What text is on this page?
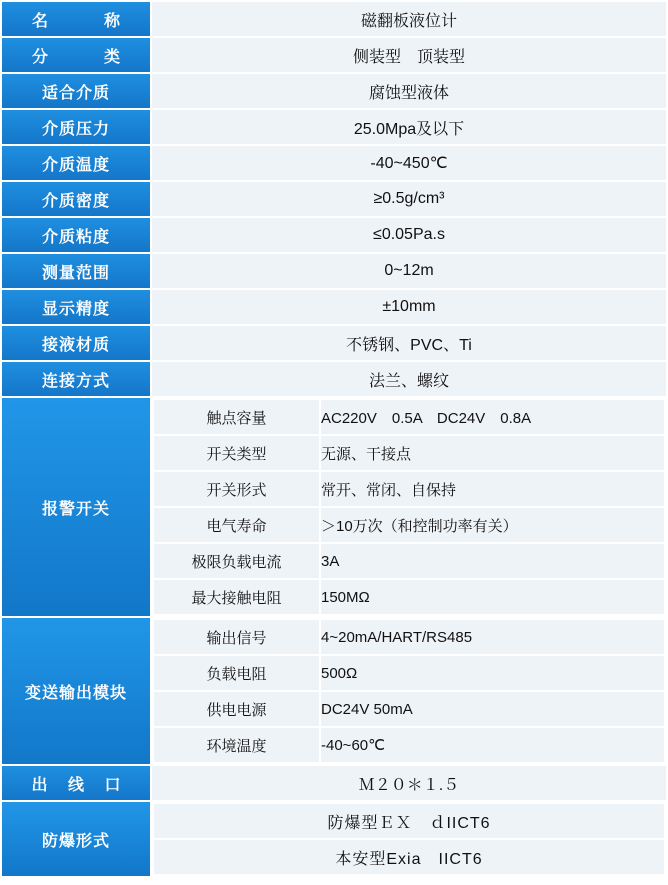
名　　称	磁翻板液位计
分　　类	侧装型　顶装型
适合介质	腐蚀型液体
介质压力	25.0Mpa及以下
介质温度	-40~450℃
介质密度	≥0.5g/cm³
介质粘度	≤0.05Pa.s
测量范围	0~12m
显示精度	±10mm
接液材质	不锈钢、PVC、Ti
连接方式	法兰、螺纹
报警开关	
触点容量	AC220V　0.5A　DC24V　0.8A
开关类型	无源、干接点
开关形式	常开、常闭、自保持
电气寿命	＞10万次（和控制功率有关）
极限负载电流	3A
最大接触电阻	150MΩ

变送输出模块	
输出信号	4~20mA/HART/RS485
负载电阻	500Ω
供电电源	DC24V 50mA
环境温度	-40~60℃

出 线 口	Ｍ２０＊１.５
防爆形式	
防爆型ＥＸ　ｄIICT6
本安型Exia　IICT6
